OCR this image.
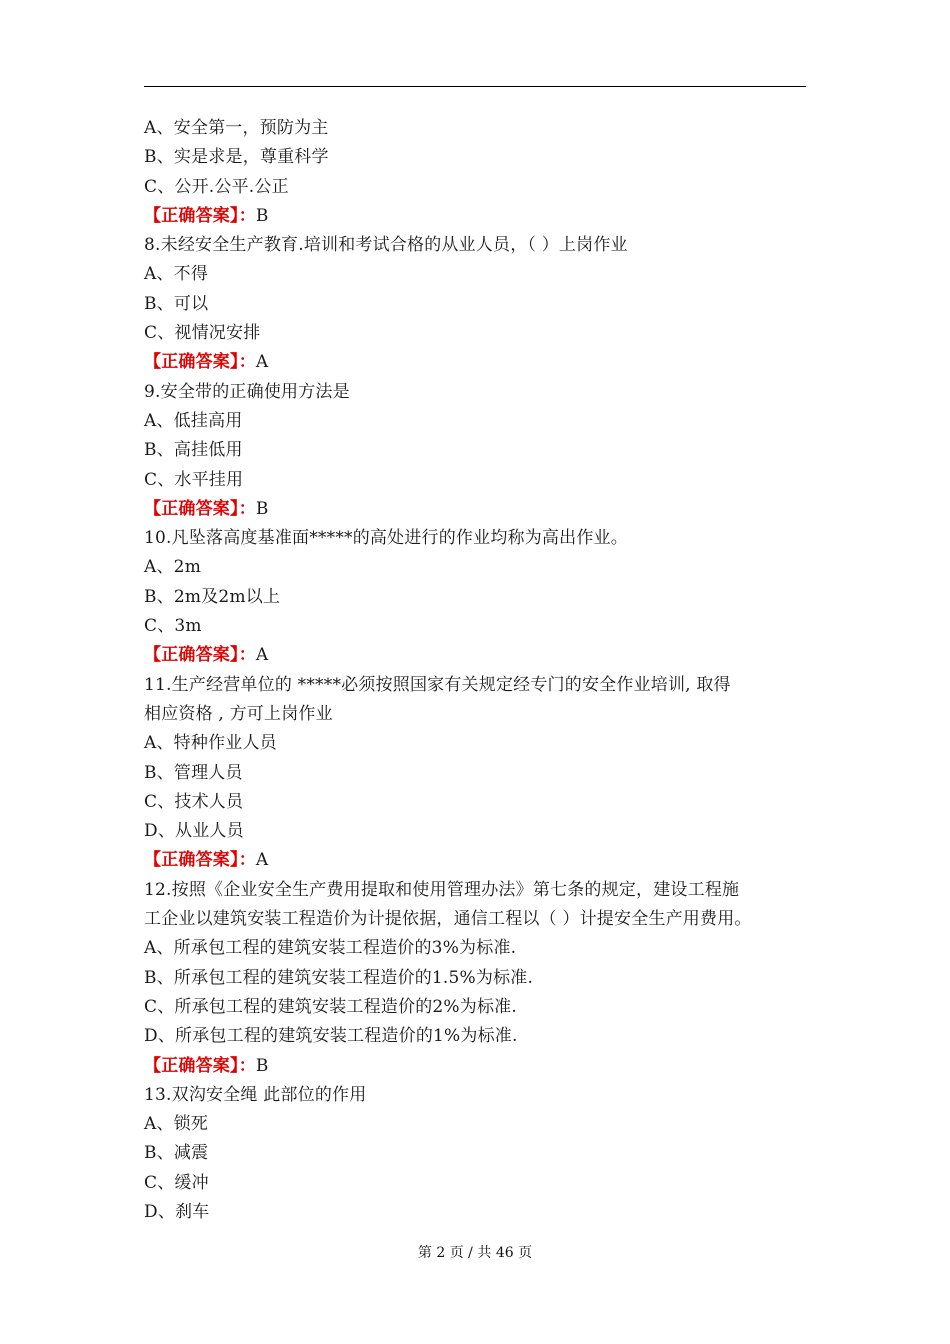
A、安全第一，预防为主
B、实是求是，尊重科学
C、公开.公平.公正
【正确答案】：B
8.未经安全生产教育.培训和考试合格的从业人员，（ ）上岗作业
A、不得
B、可以
C、视情况安排
【正确答案】：A
9.安全带的正确使用方法是
A、低挂高用
B、高挂低用
C、水平挂用
【正确答案】：B
10.凡坠落高度基准面*****的高处进行的作业均称为高出作业。
A、2m
B、2m及2m以上
C、3m
【正确答案】：A
11.生产经营单位的 *****必须按照国家有关规定经专门的安全作业培训, 取得
相应资格 , 方可上岗作业
A、特种作业人员
B、管理人员
C、技术人员
D、从业人员
【正确答案】：A
12.按照《企业安全生产费用提取和使用管理办法》第七条的规定，建设工程施
工企业以建筑安装工程造价为计提依据，通信工程以（ ）计提安全生产用费用。
A、所承包工程的建筑安装工程造价的3%为标准.
B、所承包工程的建筑安装工程造价的1.5%为标准.
C、所承包工程的建筑安装工程造价的2%为标准.
D、所承包工程的建筑安装工程造价的1%为标准.
【正确答案】：B
13.双沟安全绳 此部位的作用
A、锁死
B、减震
C、缓冲
D、刹车
第 2 页 / 共 46 页
